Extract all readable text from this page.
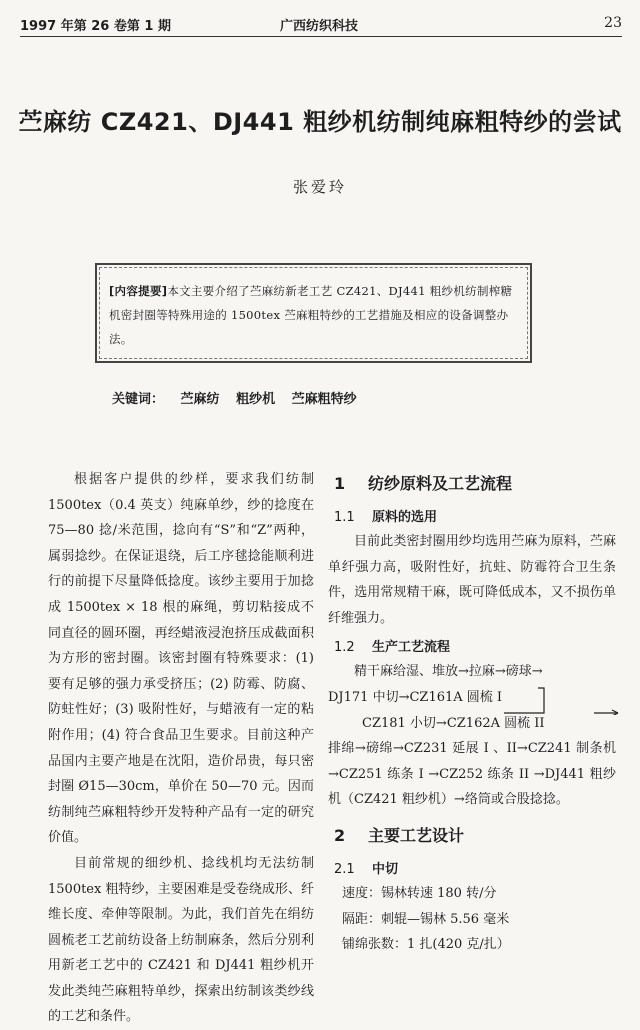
1997 年第 26 卷第 1 期	广西纺织科技	23
苎麻纺 CZ421、DJ441 粗纱机纺制纯麻粗特纱的尝试
张爱玲

[内容提要]本文主要介绍了苎麻纺新老工艺 CZ421、DJ441 粗纱机纺制榨糖机密封圈等特殊用途的 1500tex 苎麻粗特纱的工艺措施及相应的设备调整办法。

关键词： 苎麻纺 粗纱机 苎麻粗特纱

根据客户提供的纱样，要求我们纺制 1500tex（0.4 英支）纯麻单纱，纱的捻度在 75—80 捻/米范围，捻向有“S”和“Z”两种，属弱捻纱。在保证退绕，后工序毬捻能顺利进行的前提下尽量降低捻度。该纱主要用于加捻成 1500tex × 18 根的麻绳，剪切粘接成不同直径的圆环圈，再经蜡液浸泡挤压成截面积为方形的密封圈。该密封圈有特殊要求：(1) 要有足够的强力承受挤压；(2) 防霉、防腐、防蛀性好；(3) 吸附性好，与蜡液有一定的粘附作用；(4) 符合食品卫生要求。目前这种产品国内主要产地是在沈阳，造价昂贵，每只密封圈 Ø15—30cm，单价在 50—70 元。因而纺制纯苎麻粗特纱开发特种产品有一定的研究价值。

目前常规的细纱机、捻线机均无法纺制 1500tex 粗特纱，主要困难是受卷绕成形、纤维长度、牵伸等限制。为此，我们首先在绢纺圆梳老工艺前纺设备上纺制麻条，然后分别利用新老工艺中的 CZ421 和 DJ441 粗纱机开发此类纯苎麻粗特单纱，探索出纺制该类纱线的工艺和条件。

1 纺纱原料及工艺流程
1.1 原料的选用

目前此类密封圈用纱均选用苎麻为原料，苎麻单纤强力高，吸附性好，抗蛀、防霉符合卫生条件，选用常规精干麻，既可降低成本，又不损伤单纤维强力。

1.2 生产工艺流程
精干麻给湿、堆放→拉麻→磅球→
DJ171 中切→CZ161A 圆梳 I
CZ181 小切→CZ162A 圆梳 II

排绵→磅绵→CZ231 延展 I 、II→CZ241 制条机→CZ251 练条 I →CZ252 练条 II →DJ441 粗纱机（CZ421 粗纱机）→络筒或合股捻捻。

2 主要工艺设计
2.1 中切
速度：锡林转速 180 转/分
隔距：刺辊—锡林 5.56 毫米
铺绵张数：1 扎(420 克/扎）
